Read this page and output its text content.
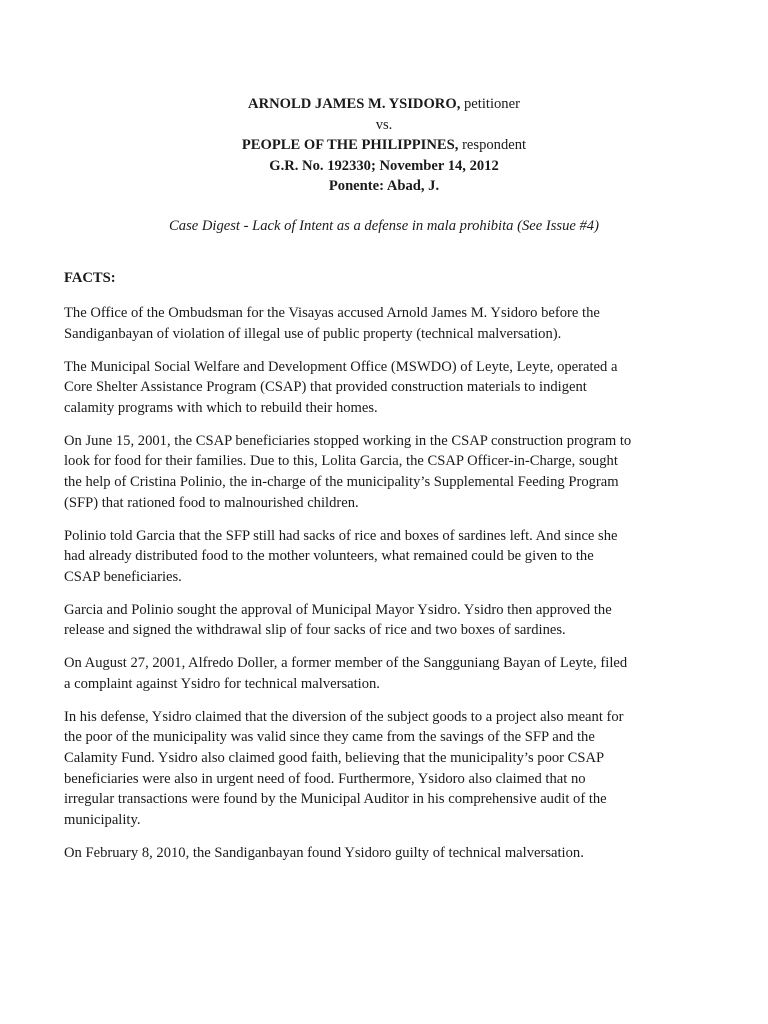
ARNOLD JAMES M. YSIDORO, petitioner
vs.
PEOPLE OF THE PHILIPPINES, respondent
G.R. No. 192330; November 14, 2012
Ponente: Abad, J.
Case Digest - Lack of Intent as a defense in mala prohibita (See Issue #4)
FACTS:

The Office of the Ombudsman for the Visayas accused Arnold James M. Ysidoro before the
Sandiganbayan of violation of illegal use of public property (technical malversation).

The Municipal Social Welfare and Development Office (MSWDO) of Leyte, Leyte, operated a
Core Shelter Assistance Program (CSAP) that provided construction materials to indigent
calamity programs with which to rebuild their homes.

On June 15, 2001, the CSAP beneficiaries stopped working in the CSAP construction program to
look for food for their families. Due to this, Lolita Garcia, the CSAP Officer-in-Charge, sought
the help of Cristina Polinio, the in-charge of the municipality’s Supplemental Feeding Program
(SFP) that rationed food to malnourished children.

Polinio told Garcia that the SFP still had sacks of rice and boxes of sardines left. And since she
had already distributed food to the mother volunteers, what remained could be given to the
CSAP beneficiaries.

Garcia and Polinio sought the approval of Municipal Mayor Ysidro. Ysidro then approved the
release and signed the withdrawal slip of four sacks of rice and two boxes of sardines.

On August 27, 2001, Alfredo Doller, a former member of the Sangguniang Bayan of Leyte, filed
a complaint against Ysidro for technical malversation.

In his defense, Ysidro claimed that the diversion of the subject goods to a project also meant for
the poor of the municipality was valid since they came from the savings of the SFP and the
Calamity Fund. Ysidro also claimed good faith, believing that the municipality’s poor CSAP
beneficiaries were also in urgent need of food. Furthermore, Ysidoro also claimed that no
irregular transactions were found by the Municipal Auditor in his comprehensive audit of the
municipality.

On February 8, 2010, the Sandiganbayan found Ysidoro guilty of technical malversation.
